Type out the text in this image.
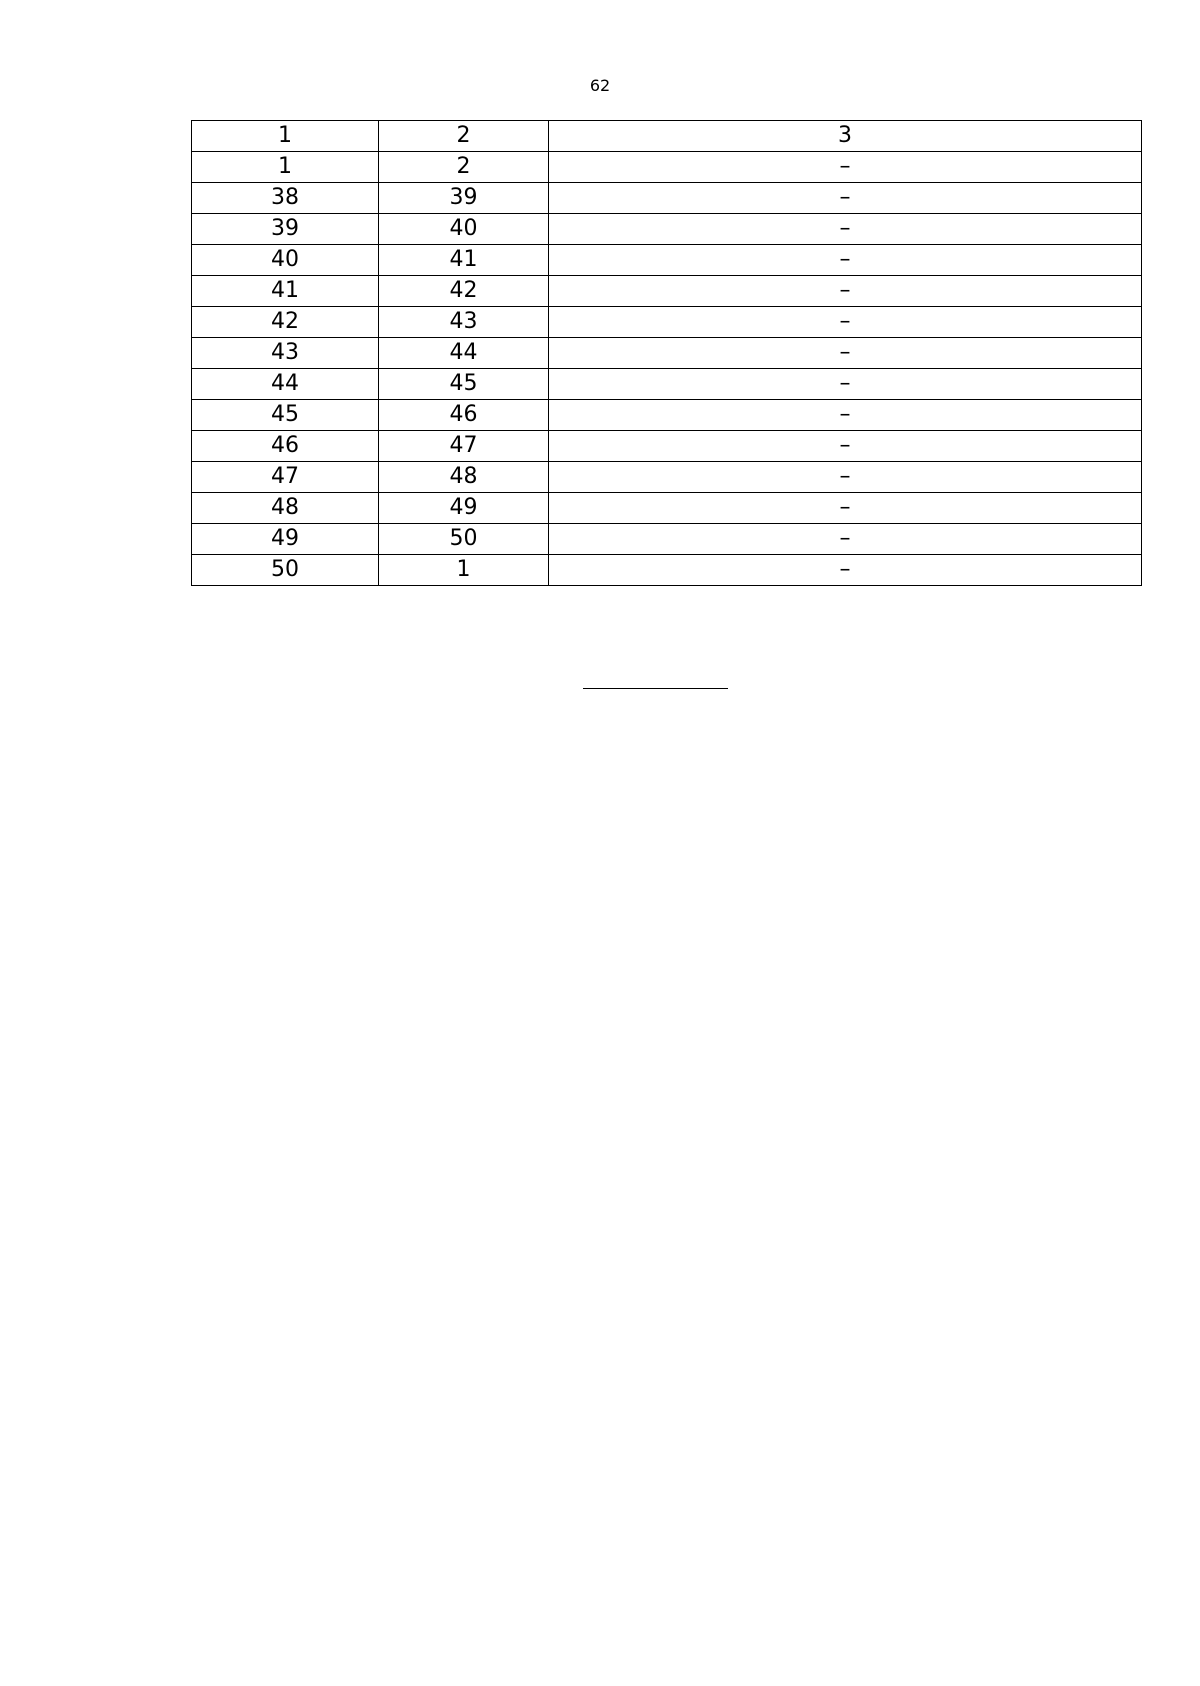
62
1	2	3
1	2	–
38	39	–
39	40	–
40	41	–
41	42	–
42	43	–
43	44	–
44	45	–
45	46	–
46	47	–
47	48	–
48	49	–
49	50	–
50	1	–
